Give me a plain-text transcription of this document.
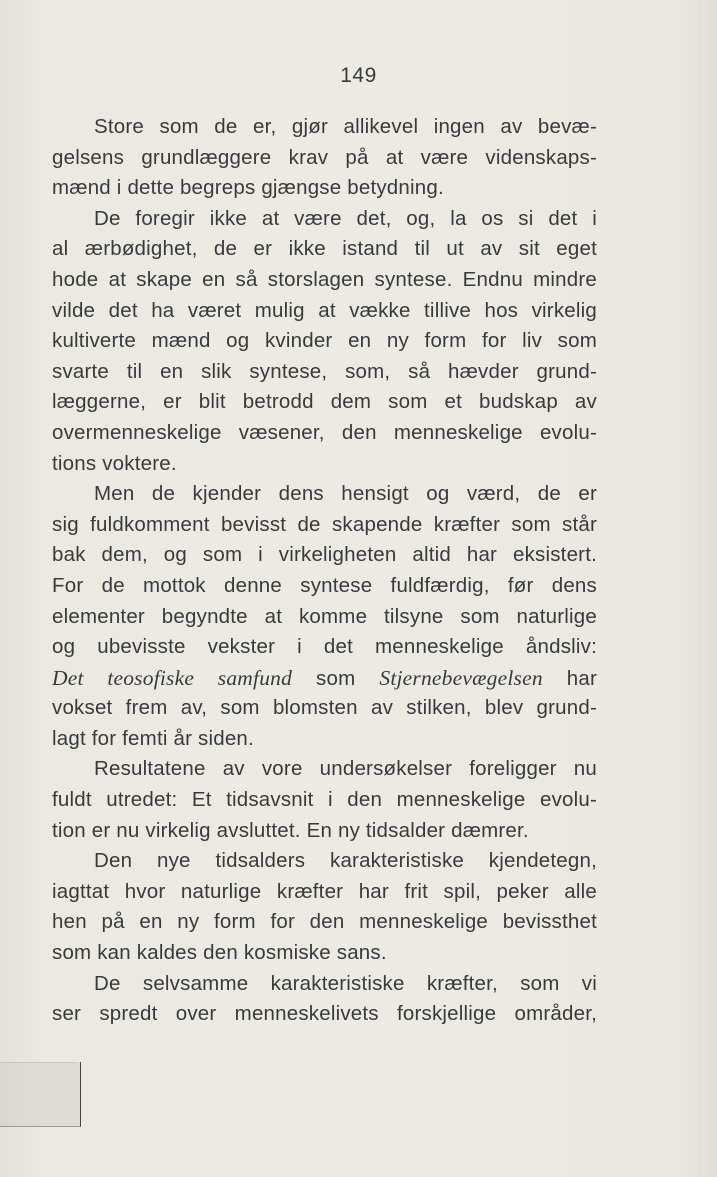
149
Store som de er, gjør allikevel ingen av bevæ-
gelsens grundlæggere krav på at være videnskaps-
mænd i dette begreps gjængse betydning.
De foregir ikke at være det, og, la os si det i
al ærbødighet, de er ikke istand til ut av sit eget
hode at skape en så storslagen syntese. Endnu mindre
vilde det ha været mulig at vække tillive hos virkelig
kultiverte mænd og kvinder en ny form for liv som
svarte til en slik syntese, som, så hævder grund-
læggerne, er blit betrodd dem som et budskap av
overmenneskelige væsener, den menneskelige evolu-
tions voktere.
Men de kjender dens hensigt og værd, de er
sig fuldkomment bevisst de skapende kræfter som står
bak dem, og som i virkeligheten altid har eksistert.
For de mottok denne syntese fuldfærdig, før dens
elementer begyndte at komme tilsyne som naturlige
og ubevisste vekster i det menneskelige åndsliv:
Det teosofiske samfund som Stjernebevægelsen har
vokset frem av, som blomsten av stilken, blev grund-
lagt for femti år siden.
Resultatene av vore undersøkelser foreligger nu
fuldt utredet: Et tidsavsnit i den menneskelige evolu-
tion er nu virkelig avsluttet. En ny tidsalder dæmrer.
Den nye tidsalders karakteristiske kjendetegn,
iagttat hvor naturlige kræfter har frit spil, peker alle
hen på en ny form for den menneskelige bevissthet
som kan kaldes den kosmiske sans.
De selvsamme karakteristiske kræfter, som vi
ser spredt over menneskelivets forskjellige områder,
